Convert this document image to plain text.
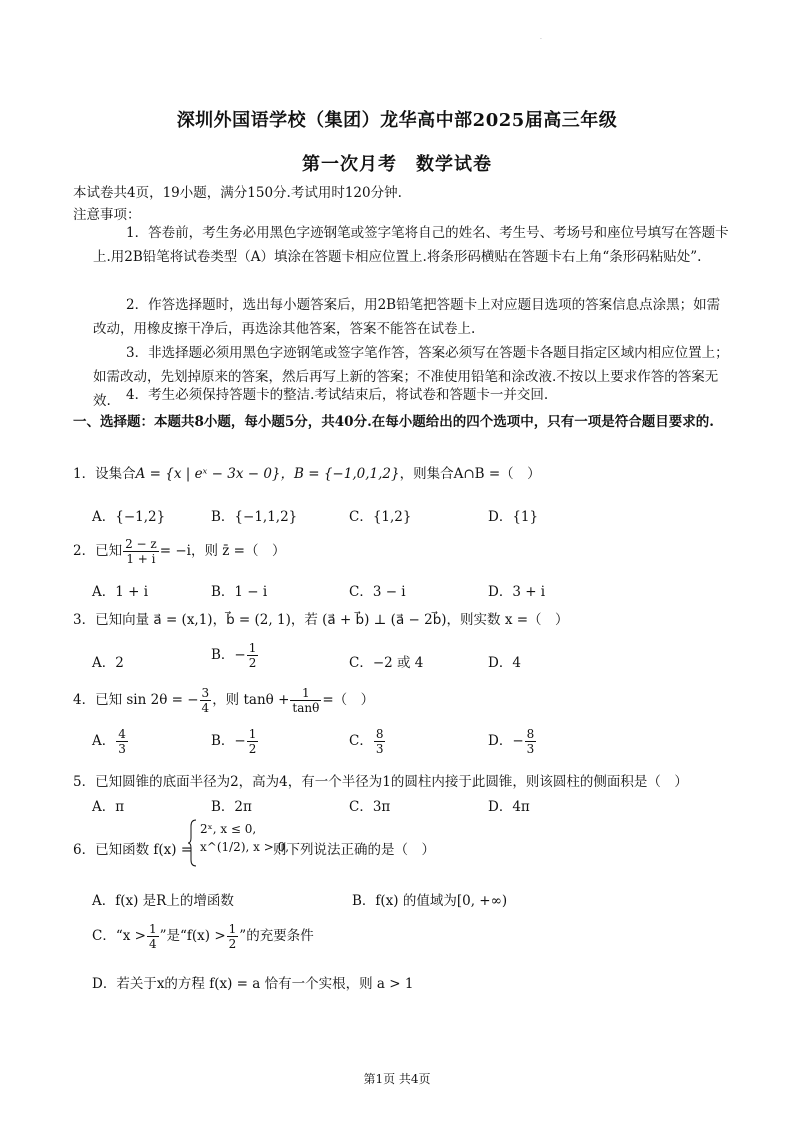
.
深圳外国语学校（集团）龙华高中部2025届高三年级
第一次月考　数学试卷
本试卷共4页，19小题，满分150分.考试用时120分钟.
注意事项：
1．答卷前，考生务必用黑色字迹钢笔或签字笔将自己的姓名、考生号、考场号和座位号填写在答题卡上.用2B铅笔将试卷类型（A）填涂在答题卡相应位置上.将条形码横贴在答题卡右上角“条形码粘贴处”.
2．作答选择题时，选出每小题答案后，用2B铅笔把答题卡上对应题目选项的答案信息点涂黑；如需改动，用橡皮擦干净后，再选涂其他答案，答案不能答在试卷上.
3．非选择题必须用黑色字迹钢笔或签字笔作答，答案必须写在答题卡各题目指定区域内相应位置上；如需改动，先划掉原来的答案，然后再写上新的答案；不准使用铅笔和涂改液.不按以上要求作答的答案无效.	4．考生必须保持答题卡的整洁.考试结束后，将试卷和答题卡一并交回.
一、选择题：本题共8小题，每小题5分，共40分.在每小题给出的四个选项中，只有一项是符合题目要求的.
1．设集合A = {x | eˣ − 3x − 0}，B = {−1,0,1,2}，则集合A∩B =（　）
A．{−1,2}	B．{−1,1,2}	C．{1,2}	D．{1}
2．已知 $\frac{2 - z}{1 + i} = -i$，则 z̄ =（　）
A．1 + i	B．1 − i	C．3 − i	D．3 + i
3．已知向量 a⃗ = (x,1)，b⃗ = (2, 1)，若 (a⃗ + b⃗) ⊥ (a⃗ − 2b⃗)，则实数 x =（　）
A．2	B．− $\frac{1}{2}$	C．−2 或 4	D．4
4．已知 sin 2θ = − $\frac{3}{4}$ ，则 $\tan\theta + \frac{1}{\tan\theta}$ =（　）
A． $\frac{4}{3}$	B．− $\frac{1}{2}$	C． $\frac{8}{3}$	D．− $\frac{8}{3}$
5．已知圆锥的底面半径为2，高为4，有一个半径为1的圆柱内接于此圆锥，则该圆柱的侧面积是（　）
A．π	B．2π	C．3π	D．4π
6．已知函数 f(x) =
2ˣ, x ≤ 0,
x^(1/2), x > 0,
则下列说法正确的是（　）
A．f(x) 是R上的增函数	B．f(x) 的值域为[0, +∞)
C．“$x > \frac{1}{4}$ ”是“$f(x) > \frac{1}{2}$ ”的充要条件
D．若关于x的方程 f(x) = a 恰有一个实根，则 a > 1
第1页 共4页
